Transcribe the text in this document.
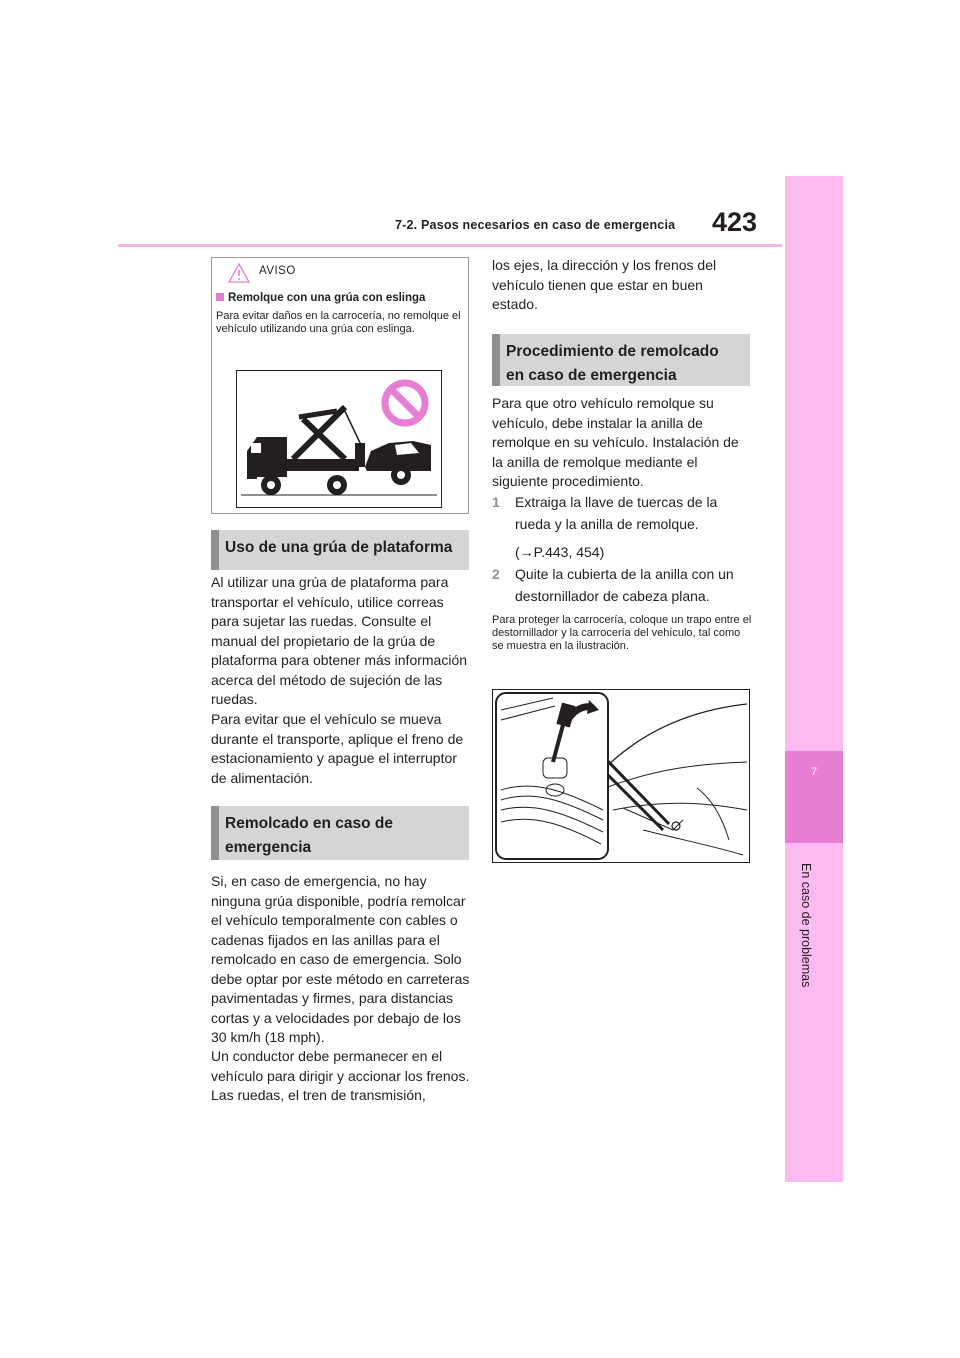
7-2. Pasos necesarios en caso de emergencia 423
7
En caso de problemas
AVISO
Remolque con una grúa con eslinga
Para evitar daños en la carrocería, no remolque el vehículo utilizando una grúa con eslinga.
Uso de una grúa de plataforma
Al utilizar una grúa de plataforma para transportar el vehículo, utilice correas para sujetar las ruedas. Consulte el manual del propietario de la grúa de plataforma para obtener más información acerca del método de sujeción de las ruedas.
Para evitar que el vehículo se mueva durante el transporte, aplique el freno de estacionamiento y apague el interruptor de alimentación.
Remolcado en caso de emergencia
Si, en caso de emergencia, no hay ninguna grúa disponible, podría remolcar el vehículo temporalmente con cables o cadenas fijados en las anillas para el remolcado en caso de emergencia. Solo debe optar por este método en carreteras pavimentadas y firmes, para distancias cortas y a velocidades por debajo de los 30 km/h (18 mph).
Un conductor debe permanecer en el vehículo para dirigir y accionar los frenos. Las ruedas, el tren de transmisión,
los ejes, la dirección y los frenos del vehículo tienen que estar en buen estado.
Procedimiento de remolcado en caso de emergencia
Para que otro vehículo remolque su vehículo, debe instalar la anilla de remolque en su vehículo. Instalación de la anilla de remolque mediante el siguiente procedimiento.
1 Extraiga la llave de tuercas de la rueda y la anilla de remolque.
(→P.443, 454)
2 Quite la cubierta de la anilla con un destornillador de cabeza plana.
Para proteger la carrocería, coloque un trapo entre el destornillador y la carrocería del vehículo, tal como se muestra en la ilustración.
